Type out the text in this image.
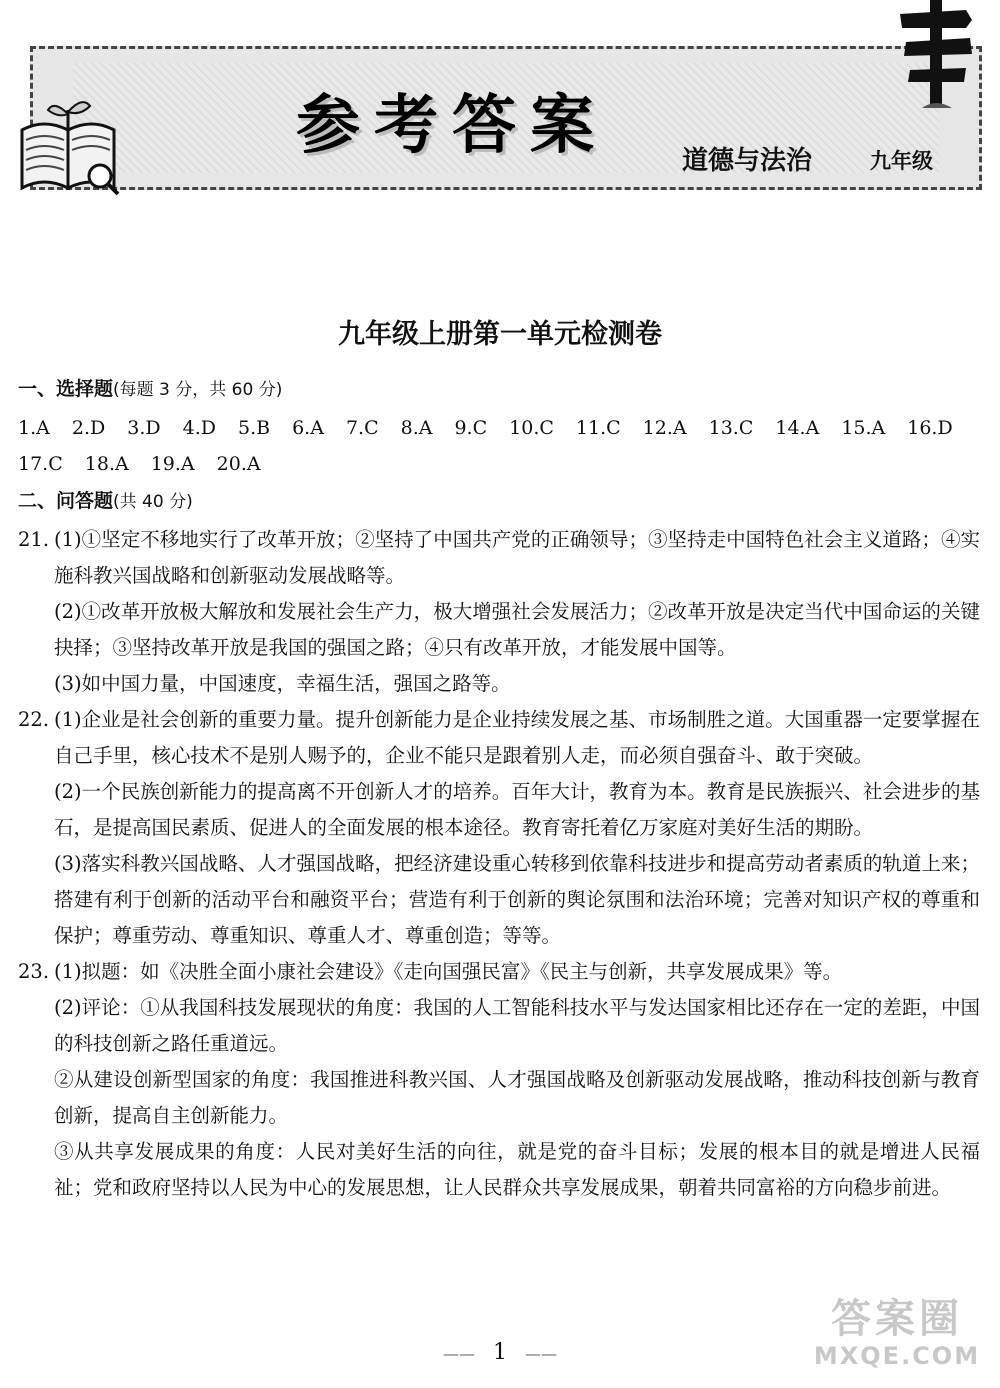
参考答案	道德与法治	九年级
九年级上册第一单元检测卷
一、选择题(每题 3 分，共 60 分)
1.A 2.D 3.D 4.D 5.B 6.A 7.C 8.A 9.C 10.C 11.C 12.A 13.C 14.A 15.A 16.D17.C 18.A 19.A 20.A
二、问答题(共 40 分)
21. (1)①坚定不移地实行了改革开放；②坚持了中国共产党的正确领导；③坚持走中国特色社会主义道路；④实施科教兴国战略和创新驱动发展战略等。

(2)①改革开放极大解放和发展社会生产力，极大增强社会发展活力；②改革开放是决定当代中国命运的关键抉择；③坚持改革开放是我国的强国之路；④只有改革开放，才能发展中国等。

(3)如中国力量，中国速度，幸福生活，强国之路等。

22. (1)企业是社会创新的重要力量。提升创新能力是企业持续发展之基、市场制胜之道。大国重器一定要掌握在自己手里，核心技术不是别人赐予的，企业不能只是跟着别人走，而必须自强奋斗、敢于突破。

(2)一个民族创新能力的提高离不开创新人才的培养。百年大计，教育为本。教育是民族振兴、社会进步的基石，是提高国民素质、促进人的全面发展的根本途径。教育寄托着亿万家庭对美好生活的期盼。

(3)落实科教兴国战略、人才强国战略，把经济建设重心转移到依靠科技进步和提高劳动者素质的轨道上来；搭建有利于创新的活动平台和融资平台；营造有利于创新的舆论氛围和法治环境；完善对知识产权的尊重和保护；尊重劳动、尊重知识、尊重人才、尊重创造；等等。

23. (1)拟题：如《决胜全面小康社会建设》《走向国强民富》《民主与创新，共享发展成果》等。

(2)评论：①从我国科技发展现状的角度：我国的人工智能科技水平与发达国家相比还存在一定的差距，中国的科技创新之路任重道远。

②从建设创新型国家的角度：我国推进科教兴国、人才强国战略及创新驱动发展战略，推动科技创新与教育创新，提高自主创新能力。

③从共享发展成果的角度：人民对美好生活的向往，就是党的奋斗目标；发展的根本目的就是增进人民福祉；党和政府坚持以人民为中心的发展思想，让人民群众共享发展成果，朝着共同富裕的方向稳步前进。

—— 1 ——
答案圈
MXQE.COM
